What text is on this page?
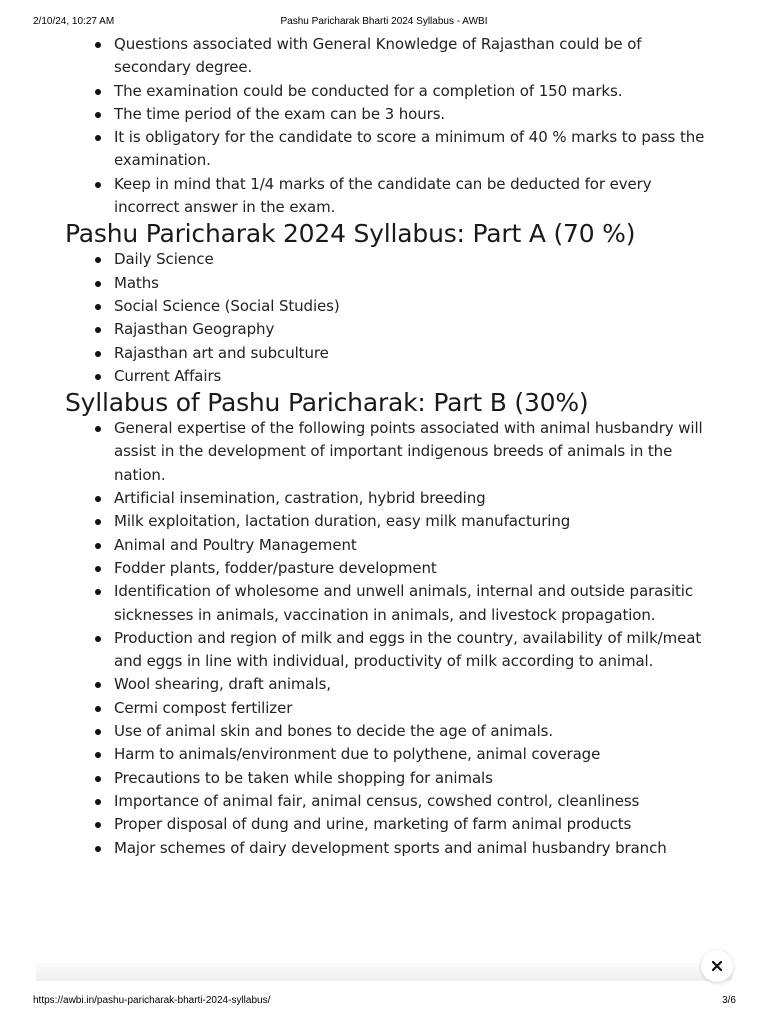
2/10/24, 10:27 AM	Pashu Paricharak Bharti 2024 Syllabus - AWBI
Questions associated with General Knowledge of Rajasthan could be of secondary degree.
The examination could be conducted for a completion of 150 marks.
The time period of the exam can be 3 hours.
It is obligatory for the candidate to score a minimum of 40 % marks to pass the examination.
Keep in mind that 1/4 marks of the candidate can be deducted for every incorrect answer in the exam.
Pashu Paricharak 2024 Syllabus: Part A (70 %)
Daily Science
Maths
Social Science (Social Studies)
Rajasthan Geography
Rajasthan art and subculture
Current Affairs
Syllabus of Pashu Paricharak: Part B (30%)
General expertise of the following points associated with animal husbandry will assist in the development of important indigenous breeds of animals in the nation.
Artificial insemination, castration, hybrid breeding
Milk exploitation, lactation duration, easy milk manufacturing
Animal and Poultry Management
Fodder plants, fodder/pasture development
Identification of wholesome and unwell animals, internal and outside parasitic sicknesses in animals, vaccination in animals, and livestock propagation.
Production and region of milk and eggs in the country, availability of milk/meat and eggs in line with individual, productivity of milk according to animal.
Wool shearing, draft animals,
Cermi compost fertilizer
Use of animal skin and bones to decide the age of animals.
Harm to animals/environment due to polythene, animal coverage
Precautions to be taken while shopping for animals
Importance of animal fair, animal census, cowshed control, cleanliness
Proper disposal of dung and urine, marketing of farm animal products
Major schemes of dairy development sports and animal husbandry branch
https://awbi.in/pashu-paricharak-bharti-2024-syllabus/	3/6
